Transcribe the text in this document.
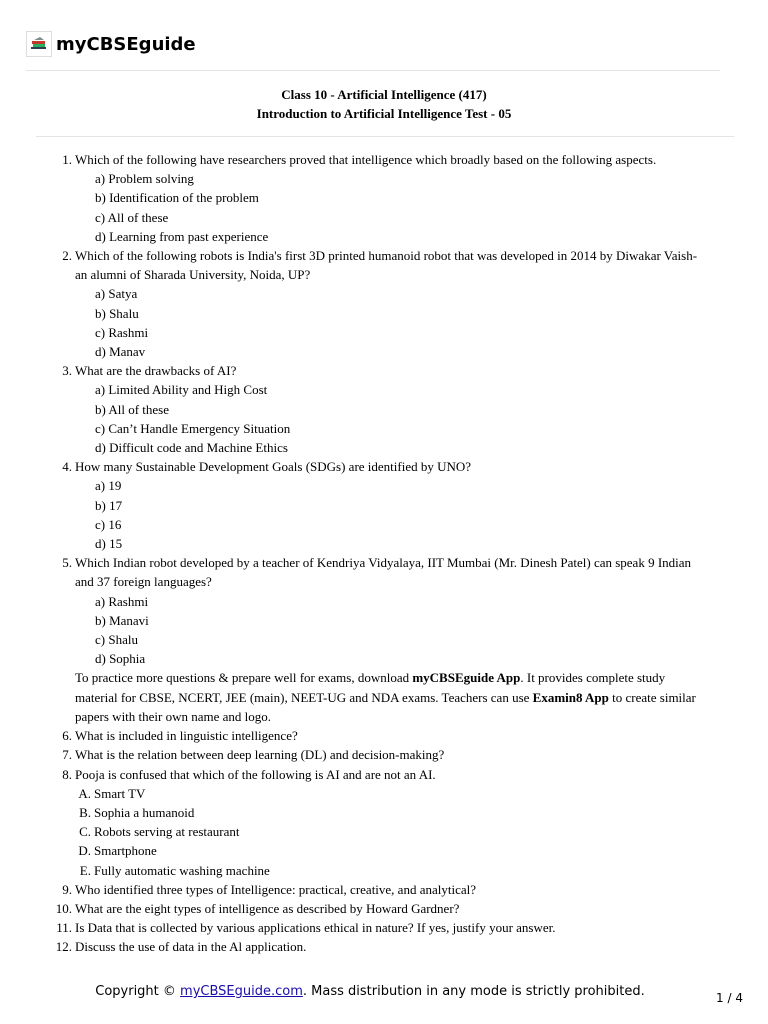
myCBSEguide
Class 10 - Artificial Intelligence (417)
Introduction to Artificial Intelligence Test - 05
1. Which of the following have researchers proved that intelligence which broadly based on the following aspects.
a) Problem solving
b) Identification of the problem
c) All of these
d) Learning from past experience
2. Which of the following robots is India's first 3D printed humanoid robot that was developed in 2014 by Diwakar Vaish-
an alumni of Sharada University, Noida, UP?
a) Satya
b) Shalu
c) Rashmi
d) Manav
3. What are the drawbacks of AI?
a) Limited Ability and High Cost
b) All of these
c) Can’t Handle Emergency Situation
d) Difficult code and Machine Ethics
4. How many Sustainable Development Goals (SDGs) are identified by UNO?
a) 19
b) 17
c) 16
d) 15
5. Which Indian robot developed by a teacher of Kendriya Vidyalaya, IIT Mumbai (Mr. Dinesh Patel) can speak 9 Indian
and 37 foreign languages?
a) Rashmi
b) Manavi
c) Shalu
d) Sophia
To practice more questions & prepare well for exams, download myCBSEguide App. It provides complete study
material for CBSE, NCERT, JEE (main), NEET-UG and NDA exams. Teachers can use Examin8 App to create similar
papers with their own name and logo.
6. What is included in linguistic intelligence?
7. What is the relation between deep learning (DL) and decision-making?
8. Pooja is confused that which of the following is AI and are not an AI.
A. Smart TV
B. Sophia a humanoid
C. Robots serving at restaurant
D. Smartphone
E. Fully automatic washing machine
9. Who identified three types of Intelligence: practical, creative, and analytical?
10. What are the eight types of intelligence as described by Howard Gardner?
11. Is Data that is collected by various applications ethical in nature? If yes, justify your answer.
12. Discuss the use of data in the Al application.
Copyright © myCBSEguide.com. Mass distribution in any mode is strictly prohibited.	1 / 4
